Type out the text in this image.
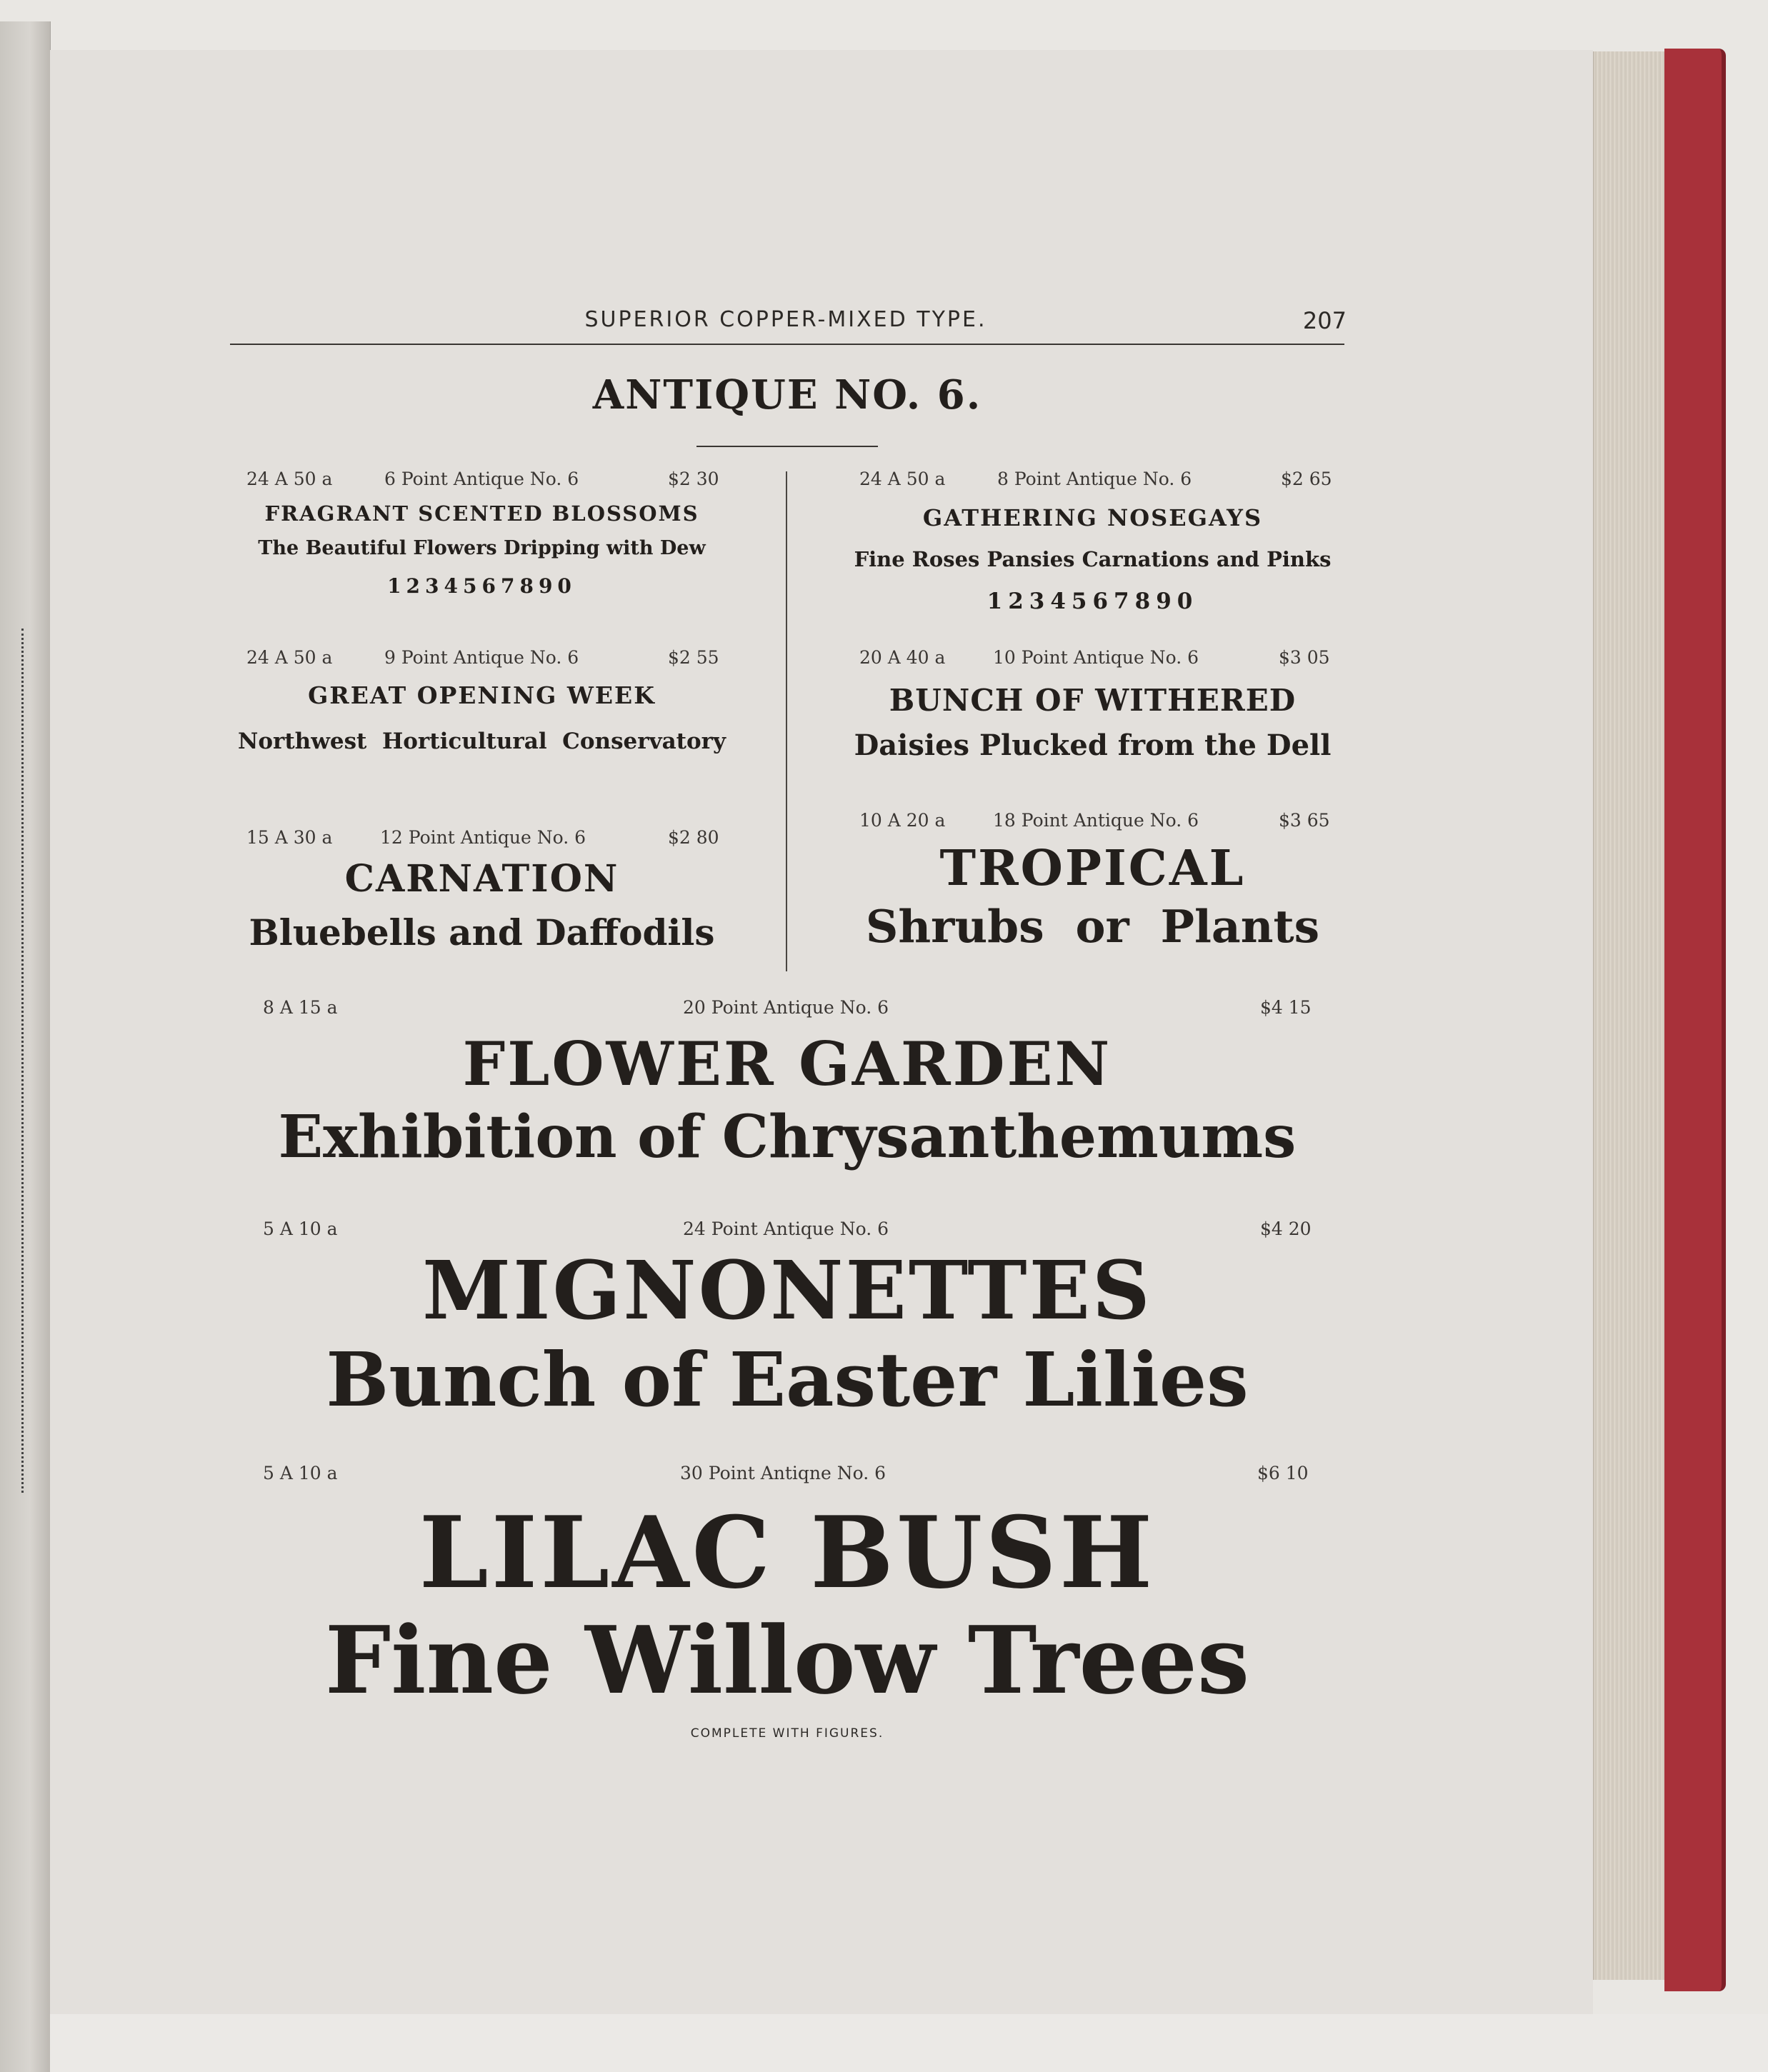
SUPERIOR COPPER-MIXED TYPE.	207
ANTIQUE NO. 6.
24 A 50 a	6 Point Antique No. 6	$2 30
FRAGRANT SCENTED BLOSSOMS
The Beautiful Flowers Dripping with Dew
1234567890
24 A 50 a	9 Point Antique No. 6	$2 55
GREAT OPENING WEEK
Northwest  Horticultural  Conservatory
15 A 30 a	12 Point Antique No. 6	$2 80
CARNATION
Bluebells and Daffodils
24 A 50 a	8 Point Antique No. 6	$2 65
GATHERING NOSEGAYS
Fine Roses Pansies Carnations and Pinks
1234567890
20 A 40 a	10 Point Antique No. 6	$3 05
BUNCH OF WITHERED
Daisies Plucked from the Dell
10 A 20 a	18 Point Antique No. 6	$3 65
TROPICAL
Shrubs  or  Plants
8 A 15 a	20 Point Antique No. 6	$4 15
FLOWER GARDEN
Exhibition of Chrysanthemums
5 A 10 a	24 Point Antique No. 6	$4 20
MIGNONETTES
Bunch of Easter Lilies
5 A 10 a	30 Point Antiqne No. 6	$6 10
LILAC BUSH
Fine Willow Trees
COMPLETE WITH FIGURES.
